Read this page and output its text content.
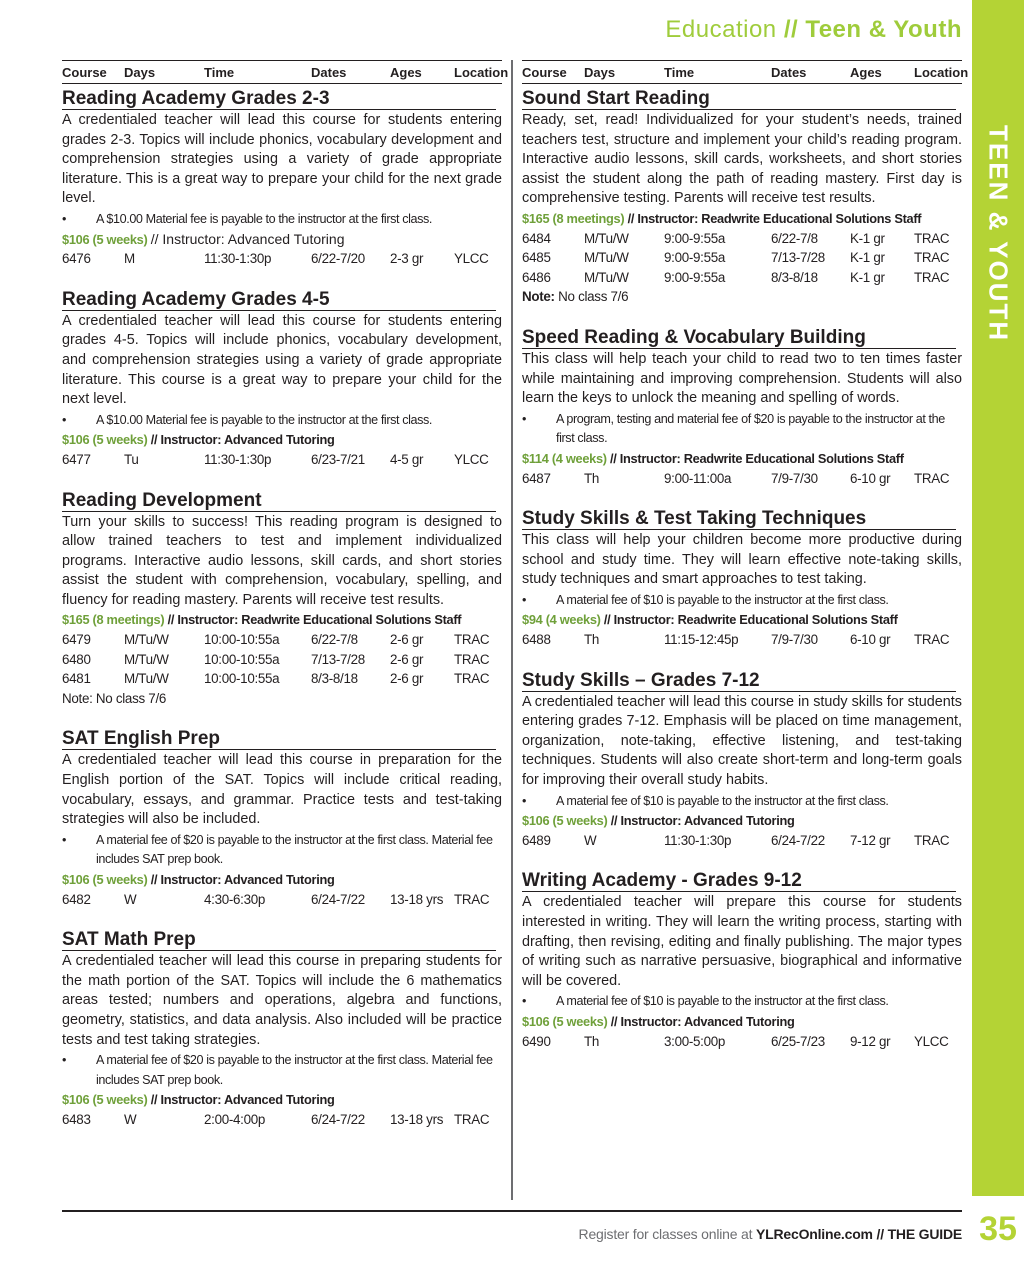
Education // Teen & Youth
TEEN & YOUTH
Course	Days	Time	Dates	Ages	Location
Reading Academy Grades 2-3

A credentialed teacher will lead this course for students entering grades 2-3. Topics will include phonics, vocabulary development and comprehension strategies using a variety of grade appropriate literature. This is a great way to prepare your child for the next grade level.

•	A $10.00 Material fee is payable to the instructor at the first class.
$106 (5 weeks) // Instructor: Advanced Tutoring
6476	M	11:30-1:30p	6/22-7/20	2-3 gr	YLCC
Reading Academy Grades 4-5

A credentialed teacher will lead this course for students entering grades 4-5. Topics will include phonics, vocabulary development, and comprehension strategies using a variety of grade appropriate literature. This course is a great way to prepare your child for the next level.

•	A $10.00 Material fee is payable to the instructor at the first class.
$106 (5 weeks) // Instructor: Advanced Tutoring
6477	Tu	11:30-1:30p	6/23-7/21	4-5 gr	YLCC
Reading Development

Turn your skills to success! This reading program is designed to allow trained teachers to test and implement individualized programs. Interactive audio lessons, skill cards, and short stories assist the student with comprehension, vocabulary, spelling, and fluency for reading mastery. Parents will receive test results.

$165 (8 meetings) // Instructor: Readwrite Educational Solutions Staff
6479	M/Tu/W	10:00-10:55a	6/22-7/8	2-6 gr	TRAC
6480	M/Tu/W	10:00-10:55a	7/13-7/28	2-6 gr	TRAC
6481	M/Tu/W	10:00-10:55a	8/3-8/18	2-6 gr	TRAC
Note: No class 7/6
SAT English Prep

A credentialed teacher will lead this course in preparation for the English portion of the SAT. Topics will include critical reading, vocabulary, essays, and grammar. Practice tests and test-taking strategies will also be included.

•	A material fee of $20 is payable to the instructor at the first class. Material fee includes SAT prep book.
$106 (5 weeks) // Instructor: Advanced Tutoring
6482	W	4:30-6:30p	6/24-7/22	13-18 yrs TRAC
SAT Math Prep

A credentialed teacher will lead this course in preparing students for the math portion of the SAT. Topics will include the 6 mathematics areas tested; numbers and operations, algebra and functions, geometry, statistics, and data analysis. Also included will be practice tests and test taking strategies.

•	A material fee of $20 is payable to the instructor at the first class. Material fee includes SAT prep book.
$106 (5 weeks) // Instructor: Advanced Tutoring
6483	W	2:00-4:00p	6/24-7/22	13-18 yrs TRAC
Course	Days	Time	Dates	Ages	Location
Sound Start Reading

Ready, set, read! Individualized for your student’s needs, trained teachers test, structure and implement your child’s reading program. Interactive audio lessons, skill cards, worksheets, and short stories assist the student along the path of reading mastery. First day is comprehensive testing. Parents will receive test results.

$165 (8 meetings) // Instructor: Readwrite Educational Solutions Staff
6484	M/Tu/W	9:00-9:55a	6/22-7/8	K-1 gr	TRAC
6485	M/Tu/W	9:00-9:55a	7/13-7/28	K-1 gr	TRAC
6486	M/Tu/W	9:00-9:55a	8/3-8/18	K-1 gr	TRAC
Note: No class 7/6
Speed Reading & Vocabulary Building

This class will help teach your child to read two to ten times faster while maintaining and improving comprehension. Students will also learn the keys to unlock the meaning and spelling of words.

•	A program, testing and material fee of $20 is payable to the instructor at the first class.
$114 (4 weeks) // Instructor: Readwrite Educational Solutions Staff
6487	Th	9:00-11:00a	7/9-7/30	6-10 gr	TRAC
Study Skills & Test Taking Techniques

This class will help your children become more productive during school and study time. They will learn effective note-taking skills, study techniques and smart approaches to test taking.

•	A material fee of $10 is payable to the instructor at the first class.
$94 (4 weeks) // Instructor: Readwrite Educational Solutions Staff
6488	Th	11:15-12:45p	7/9-7/30	6-10 gr	TRAC
Study Skills – Grades 7-12

A credentialed teacher will lead this course in study skills for students entering grades 7-12. Emphasis will be placed on time management, organization, note-taking, effective listening, and test-taking techniques. Students will also create short-term and long-term goals for improving their overall study habits.

•	A material fee of $10 is payable to the instructor at the first class.
$106 (5 weeks) // Instructor: Advanced Tutoring
6489	W	11:30-1:30p	6/24-7/22	7-12 gr	TRAC
Writing Academy - Grades 9-12

A credentialed teacher will prepare this course for students interested in writing. They will learn the writing process, starting with drafting, then revising, editing and finally publishing. The major types of writing such as narrative persuasive, biographical and informative will be covered.

•	A material fee of $10 is payable to the instructor at the first class.
$106 (5 weeks) // Instructor: Advanced Tutoring
6490	Th	3:00-5:00p	6/25-7/23	9-12 gr	YLCC
Register for classes online at YLRecOnline.com // THE GUIDE 35
